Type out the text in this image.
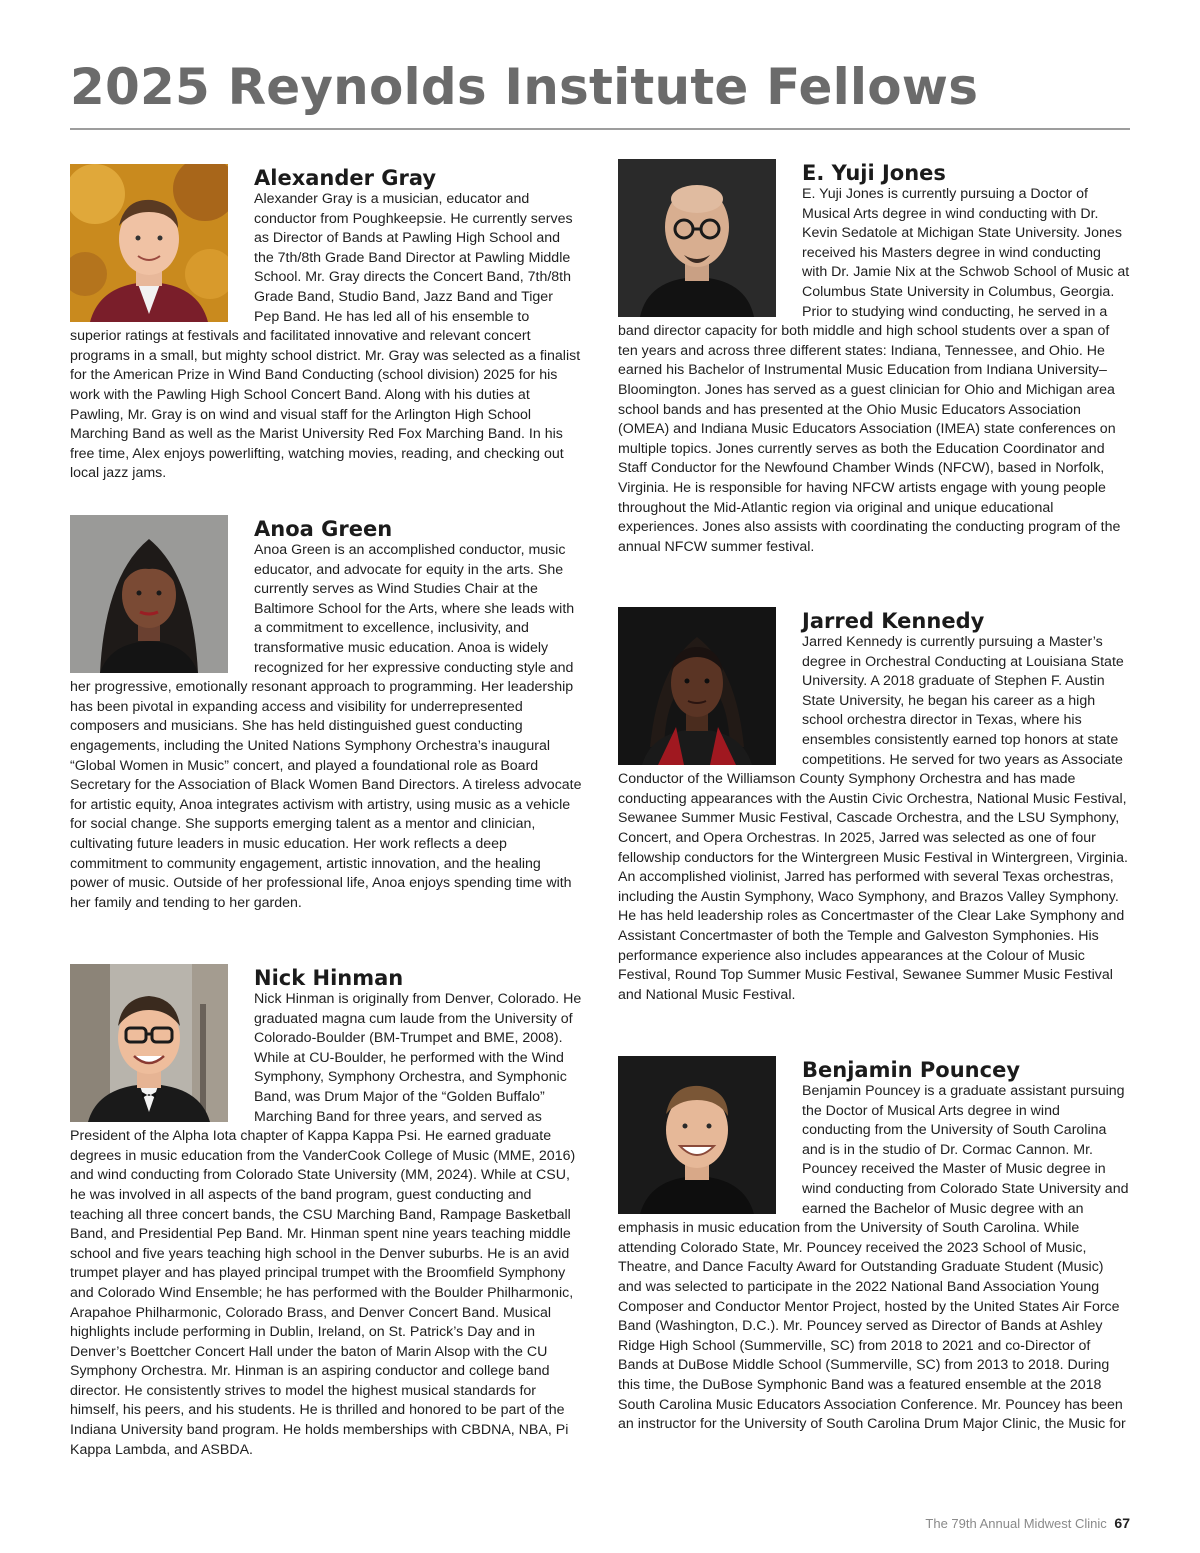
2025 Reynolds Institute Fellows
Alexander Gray

Alexander Gray is a musician, educator and conductor from Poughkeepsie. He currently serves as Director of Bands at Pawling High School and the 7th/8th Grade Band Director at Pawling Middle School. Mr. Gray directs the Concert Band, 7th/8th Grade Band, Studio Band, Jazz Band and Tiger Pep Band. He has led all of his ensemble to superior ratings at festivals and facilitated innovative and relevant concert programs in a small, but mighty school district. Mr. Gray was selected as a finalist for the American Prize in Wind Band Conducting (school division) 2025 for his work with the Pawling High School Concert Band. Along with his duties at Pawling, Mr. Gray is on wind and visual staff for the Arlington High School Marching Band as well as the Marist University Red Fox Marching Band. In his free time, Alex enjoys powerlifting, watching movies, reading, and checking out local jazz jams.

Anoa Green

Anoa Green is an accomplished conductor, music educator, and advocate for equity in the arts. She currently serves as Wind Studies Chair at the Baltimore School for the Arts, where she leads with a commitment to excellence, inclusivity, and transformative music education. Anoa is widely recognized for her expressive conducting style and her progressive, emotionally resonant approach to programming. Her leadership has been pivotal in expanding access and visibility for underrepresented composers and musicians. She has held distinguished guest conducting engagements, including the United Nations Symphony Orchestra’s inaugural “Global Women in Music” concert, and played a foundational role as Board Secretary for the Association of Black Women Band Directors. A tireless advocate for artistic equity, Anoa integrates activism with artistry, using music as a vehicle for social change. She supports emerging talent as a mentor and clinician, cultivating future leaders in music education. Her work reflects a deep commitment to community engagement, artistic innovation, and the healing power of music. Outside of her professional life, Anoa enjoys spending time with her family and tending to her garden.

Nick Hinman

Nick Hinman is originally from Denver, Colorado. He graduated magna cum laude from the University of Colorado-Boulder (BM-Trumpet and BME, 2008). While at CU-Boulder, he performed with the Wind Symphony, Symphony Orchestra, and Symphonic Band, was Drum Major of the “Golden Buffalo” Marching Band for three years, and served as President of the Alpha Iota chapter of Kappa Kappa Psi. He earned graduate degrees in music education from the VanderCook College of Music (MME, 2016) and wind conducting from Colorado State University (MM, 2024). While at CSU, he was involved in all aspects of the band program, guest conducting and teaching all three concert bands, the CSU Marching Band, Rampage Basketball Band, and Presidential Pep Band. Mr. Hinman spent nine years teaching middle school and five years teaching high school in the Denver suburbs. He is an avid trumpet player and has played principal trumpet with the Broomfield Symphony and Colorado Wind Ensemble; he has performed with the Boulder Philharmonic, Arapahoe Philharmonic, Colorado Brass, and Denver Concert Band. Musical highlights include performing in Dublin, Ireland, on St. Patrick’s Day and in Denver’s Boettcher Concert Hall under the baton of Marin Alsop with the CU Symphony Orchestra. Mr. Hinman is an aspiring conductor and college band director. He consistently strives to model the highest musical standards for himself, his peers, and his students. He is thrilled and honored to be part of the Indiana University band program. He holds memberships with CBDNA, NBA, Pi Kappa Lambda, and ASBDA.

E. Yuji Jones

E. Yuji Jones is currently pursuing a Doctor of Musical Arts degree in wind conducting with Dr. Kevin Sedatole at Michigan State University. Jones received his Masters degree in wind conducting with Dr. Jamie Nix at the Schwob School of Music at Columbus State University in Columbus, Georgia. Prior to studying wind conducting, he served in a band director capacity for both middle and high school students over a span of ten years and across three different states: Indiana, Tennessee, and Ohio. He earned his Bachelor of Instrumental Music Education from Indiana University– Bloomington. Jones has served as a guest clinician for Ohio and Michigan area school bands and has presented at the Ohio Music Educators Association (OMEA) and Indiana Music Educators Association (IMEA) state conferences on multiple topics. Jones currently serves as both the Education Coordinator and Staff Conductor for the Newfound Chamber Winds (NFCW), based in Norfolk, Virginia. He is responsible for having NFCW artists engage with young people throughout the Mid-Atlantic region via original and unique educational experiences. Jones also assists with coordinating the conducting program of the annual NFCW summer festival.

Jarred Kennedy

Jarred Kennedy is currently pursuing a Master’s degree in Orchestral Conducting at Louisiana State University. A 2018 graduate of Stephen F. Austin State University, he began his career as a high school orchestra director in Texas, where his ensembles consistently earned top honors at state competitions. He served for two years as Associate Conductor of the Williamson County Symphony Orchestra and has made conducting appearances with the Austin Civic Orchestra, National Music Festival, Sewanee Summer Music Festival, Cascade Orchestra, and the LSU Symphony, Concert, and Opera Orchestras. In 2025, Jarred was selected as one of four fellowship conductors for the Wintergreen Music Festival in Wintergreen, Virginia. An accomplished violinist, Jarred has performed with several Texas orchestras, including the Austin Symphony, Waco Symphony, and Brazos Valley Symphony. He has held leadership roles as Concertmaster of the Clear Lake Symphony and Assistant Concertmaster of both the Temple and Galveston Symphonies. His performance experience also includes appearances at the Colour of Music Festival, Round Top Summer Music Festival, Sewanee Summer Music Festival and National Music Festival.

Benjamin Pouncey

Benjamin Pouncey is a graduate assistant pursuing the Doctor of Musical Arts degree in wind conducting from the University of South Carolina and is in the studio of Dr. Cormac Cannon. Mr. Pouncey received the Master of Music degree in wind conducting from Colorado State University and earned the Bachelor of Music degree with an emphasis in music education from the University of South Carolina. While attending Colorado State, Mr. Pouncey received the 2023 School of Music, Theatre, and Dance Faculty Award for Outstanding Graduate Student (Music) and was selected to participate in the 2022 National Band Association Young Composer and Conductor Mentor Project, hosted by the United States Air Force Band (Washington, D.C.). Mr. Pouncey served as Director of Bands at Ashley Ridge High School (Summerville, SC) from 2018 to 2021 and co-Director of Bands at DuBose Middle School (Summerville, SC) from 2013 to 2018. During this time, the DuBose Symphonic Band was a featured ensemble at the 2018 South Carolina Music Educators Association Conference. Mr. Pouncey has been an instructor for the University of South Carolina Drum Major Clinic, the Music for

The 79th Annual Midwest Clinic 67
